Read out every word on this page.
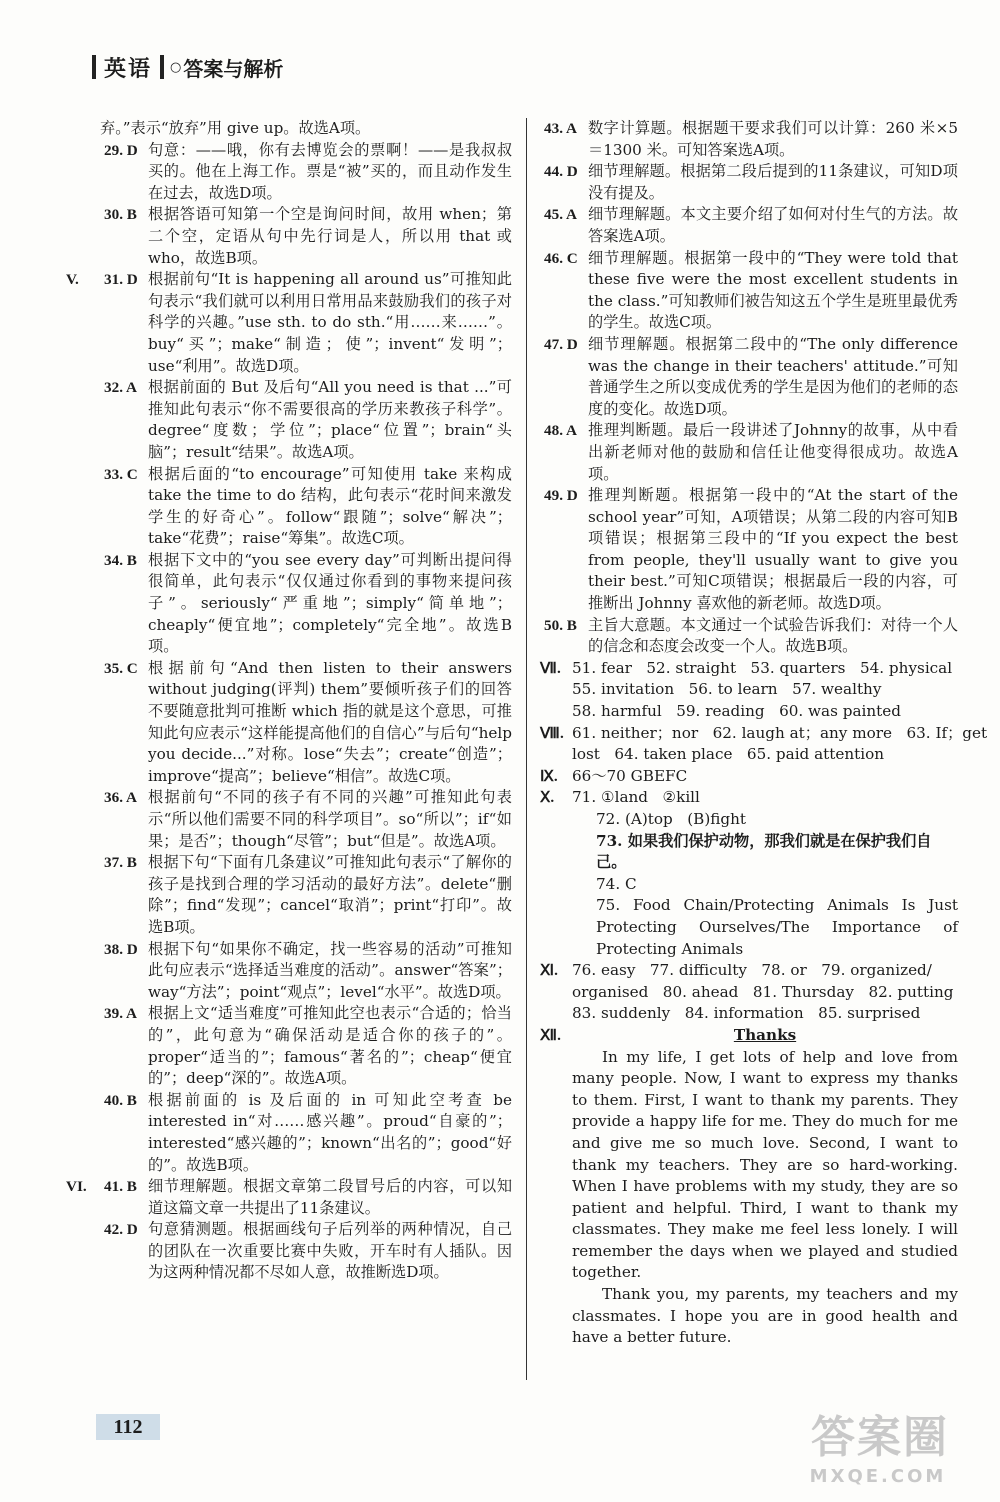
英语 ○ 答案与解析
弃。”表示“放弃”用 give up。故选A项。
29. D 句意：——哦，你有去博览会的票啊！——是我叔叔买的。他在上海工作。票是“被”买的，而且动作发生在过去，故选D项。
30. B 根据答语可知第一个空是询问时间，故用 when；第二个空，定语从句中先行词是人，所以用 that 或 who，故选B项。
V. 31. D 根据前句“It is happening all around us”可推知此句表示“我们就可以利用日常用品来鼓励我们的孩子对科学的兴趣。”use sth. to do sth.“用……来……”。buy“买”；make“制造；使”；invent“发明”；use“利用”。故选D项。
32. A 根据前面的 But 及后句“All you need is that ...”可推知此句表示“你不需要很高的学历来教孩子科学”。degree“度数；学位”；place“位置”；brain“头脑”；result“结果”。故选A项。
33. C 根据后面的“to encourage”可知使用 take 来构成 take the time to do 结构，此句表示“花时间来激发学生的好奇心”。follow“跟随”；solve“解决”；take“花费”；raise“筹集”。故选C项。
34. B 根据下文中的“you see every day”可判断出提问得很简单，此句表示“仅仅通过你看到的事物来提问孩子”。seriously“严重地”；simply“简单地”；cheaply“便宜地”；completely“完全地”。故选B项。
35. C 根据前句“And then listen to their answers without judging(评判) them”要倾听孩子们的回答不要随意批判可推断 which 指的就是这个意思，可推知此句应表示“这样能提高他们的自信心”与后句“help you decide...”对称。lose“失去”；create“创造”；improve“提高”；believe“相信”。故选C项。
36. A 根据前句“不同的孩子有不同的兴趣”可推知此句表示“所以他们需要不同的科学项目”。so“所以”；if“如果；是否”；though“尽管”；but“但是”。故选A项。
37. B 根据下句“下面有几条建议”可推知此句表示“了解你的孩子是找到合理的学习活动的最好方法”。delete“删除”；find“发现”；cancel“取消”；print“打印”。故选B项。
38. D 根据下句“如果你不确定，找一些容易的活动”可推知此句应表示“选择适当难度的活动”。answer“答案”；way“方法”；point“观点”；level“水平”。故选D项。
39. A 根据上文“适当难度”可推知此空也表示“合适的；恰当的”，此句意为“确保活动是适合你的孩子的”。proper“适当的”；famous“著名的”；cheap“便宜的”；deep“深的”。故选A项。
40. B 根据前面的 is 及后面的 in 可知此空考查 be interested in“对……感兴趣”。proud“自豪的”；interested“感兴趣的”；known“出名的”；good“好的”。故选B项。
VI. 41. B 细节理解题。根据文章第二段冒号后的内容，可以知道这篇文章一共提出了11条建议。
42. D 句意猜测题。根据画线句子后列举的两种情况，自己的团队在一次重要比赛中失败，开车时有人插队。因为这两种情况都不尽如人意，故推断选D项。
43. A 数字计算题。根据题干要求我们可以计算：260 米×5＝1300 米。可知答案选A项。
44. D 细节理解题。根据第二段后提到的11条建议，可知D项没有提及。
45. A 细节理解题。本文主要介绍了如何对付生气的方法。故答案选A项。
46. C 细节理解题。根据第一段中的“They were told that these five were the most excellent students in the class.”可知教师们被告知这五个学生是班里最优秀的学生。故选C项。
47. D 细节理解题。根据第二段中的“The only difference was the change in their teachers' attitude.”可知普通学生之所以变成优秀的学生是因为他们的老师的态度的变化。故选D项。
48. A 推理判断题。最后一段讲述了Johnny的故事，从中看出新老师对他的鼓励和信任让他变得很成功。故选A项。
49. D 推理判断题。根据第一段中的“At the start of the school year”可知，A项错误；从第二段的内容可知B项错误；根据第三段中的“If you expect the best from people, they'll usually want to give you their best.”可知C项错误；根据最后一段的内容，可推断出 Johnny 喜欢他的新老师。故选D项。
50. B 主旨大意题。本文通过一个试验告诉我们：对待一个人的信念和态度会改变一个人。故选B项。
Ⅶ. 51. fear   52. straight   53. quarters   54. physical
55. invitation   56. to learn   57. wealthy
58. harmful   59. reading   60. was painted
Ⅷ. 61. neither；nor   62. laugh at；any more   63. If；get
lost   64. taken place   65. paid attention
Ⅸ. 66～70 GBEFC
Ⅹ. 71. ①land   ②kill
72. (A)top   (B)fight
73. 如果我们保护动物，那我们就是在保护我们自己。
74. C
75. Food Chain/Protecting Animals Is Just Protecting Ourselves/The Importance of Protecting Animals
Ⅺ. 76. easy   77. difficulty   78. or   79. organized/
organised   80. ahead   81. Thursday   82. putting
83. suddenly   84. information   85. surprised
Ⅻ.	Thanks
In my life, I get lots of help and love from many people. Now, I want to express my thanks to them. First, I want to thank my parents. They provide a happy life for me. They do much for me and give me so much love. Second, I want to thank my teachers. They are so hard-working. When I have problems with my study, they are so patient and helpful. Third, I want to thank my classmates. They make me feel less lonely. I will remember the days when we played and studied together.
Thank you, my parents, my teachers and my classmates. I hope you are in good health and have a better future.
112	答案圈
MXQE.COM
